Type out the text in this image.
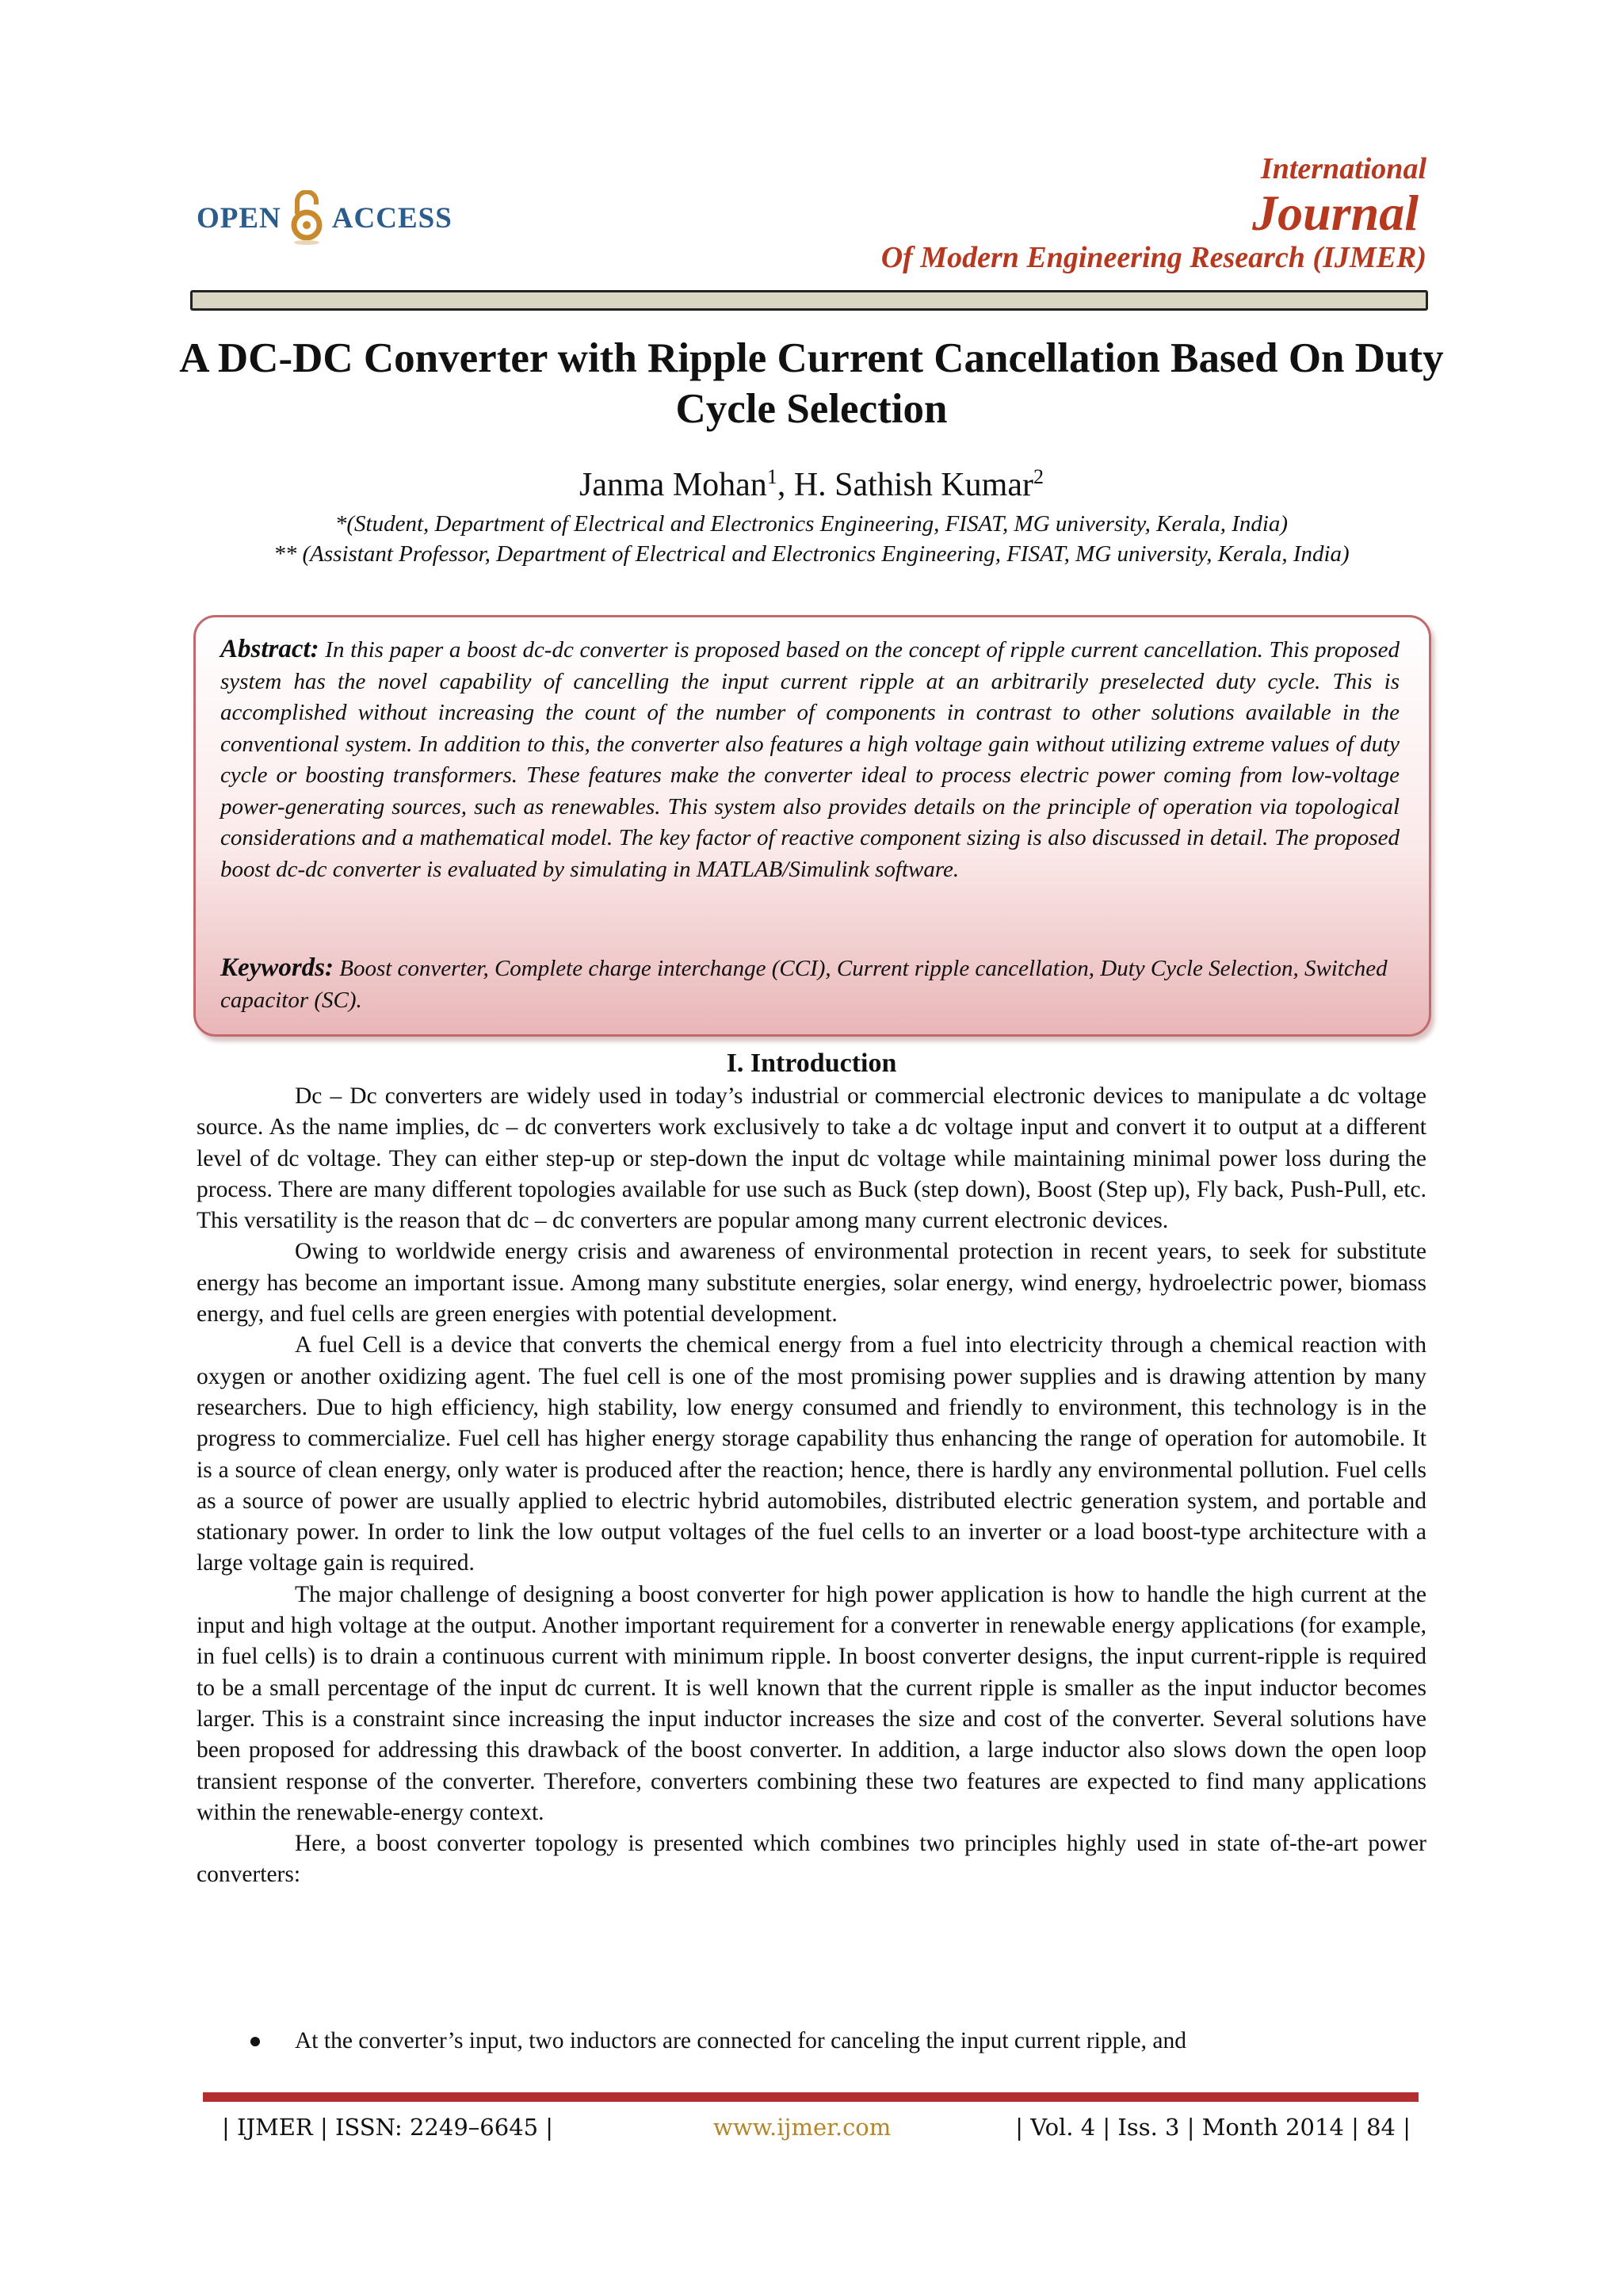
OPEN ACCESS
International
Journal
Of Modern Engineering Research (IJMER)
A DC-DC Converter with Ripple Current Cancellation Based On Duty Cycle Selection
Janma Mohan$^1$, H. Sathish Kumar$^2$
*(Student, Department of Electrical and Electronics Engineering, FISAT, MG university, Kerala, India)
** (Assistant Professor, Department of Electrical and Electronics Engineering, FISAT, MG university, Kerala, India)
Abstract: In this paper a boost dc-dc converter is proposed based on the concept of ripple current cancellation. This proposed system has the novel capability of cancelling the input current ripple at an arbitrarily preselected duty cycle. This is accomplished without increasing the count of the number of components in contrast to other solutions available in the conventional system. In addition to this, the converter also features a high voltage gain without utilizing extreme values of duty cycle or boosting transformers. These features make the converter ideal to process electric power coming from low-voltage power-generating sources, such as renewables. This system also provides details on the principle of operation via topological considerations and a mathematical model. The key factor of reactive component sizing is also discussed in detail. The proposed boost dc-dc converter is evaluated by simulating in MATLAB/Simulink software.
Keywords: Boost converter, Complete charge interchange (CCI), Current ripple cancellation, Duty Cycle Selection, Switched capacitor (SC).
I. Introduction

Dc – Dc converters are widely used in today’s industrial or commercial electronic devices to manipulate a dc voltage source. As the name implies, dc – dc converters work exclusively to take a dc voltage input and convert it to output at a different level of dc voltage. They can either step-up or step-down the input dc voltage while maintaining minimal power loss during the process. There are many different topologies available for use such as Buck (step down), Boost (Step up), Fly back, Push-Pull, etc. This versatility is the reason that dc – dc converters are popular among many current electronic devices.

Owing to worldwide energy crisis and awareness of environmental protection in recent years, to seek for substitute energy has become an important issue. Among many substitute energies, solar energy, wind energy, hydroelectric power, biomass energy, and fuel cells are green energies with potential development.

A fuel Cell is a device that converts the chemical energy from a fuel into electricity through a chemical reaction with oxygen or another oxidizing agent. The fuel cell is one of the most promising power supplies and is drawing attention by many researchers. Due to high efficiency, high stability, low energy consumed and friendly to environment, this technology is in the progress to commercialize. Fuel cell has higher energy storage capability thus enhancing the range of operation for automobile. It is a source of clean energy, only water is produced after the reaction; hence, there is hardly any environmental pollution. Fuel cells as a source of power are usually applied to electric hybrid automobiles, distributed electric generation system, and portable and stationary power. In order to link the low output voltages of the fuel cells to an inverter or a load boost-type architecture with a large voltage gain is required.

The major challenge of designing a boost converter for high power application is how to handle the high current at the input and high voltage at the output. Another important requirement for a converter in renewable energy applications (for example, in fuel cells) is to drain a continuous current with minimum ripple. In boost converter designs, the input current-ripple is required to be a small percentage of the input dc current. It is well known that the current ripple is smaller as the input inductor becomes larger. This is a constraint since increasing the input inductor increases the size and cost of the converter. Several solutions have been proposed for addressing this drawback of the boost converter. In addition, a large inductor also slows down the open loop transient response of the converter. Therefore, converters combining these two features are expected to find many applications within the renewable-energy context.

Here, a boost converter topology is presented which combines two principles highly used in state of-the-art power converters:

At the converter’s input, two inductors are connected for canceling the input current ripple, and
| IJMER | ISSN: 2249–6645 |	www.ijmer.com	| Vol. 4 | Iss. 3 | Month 2014 | 84 |
